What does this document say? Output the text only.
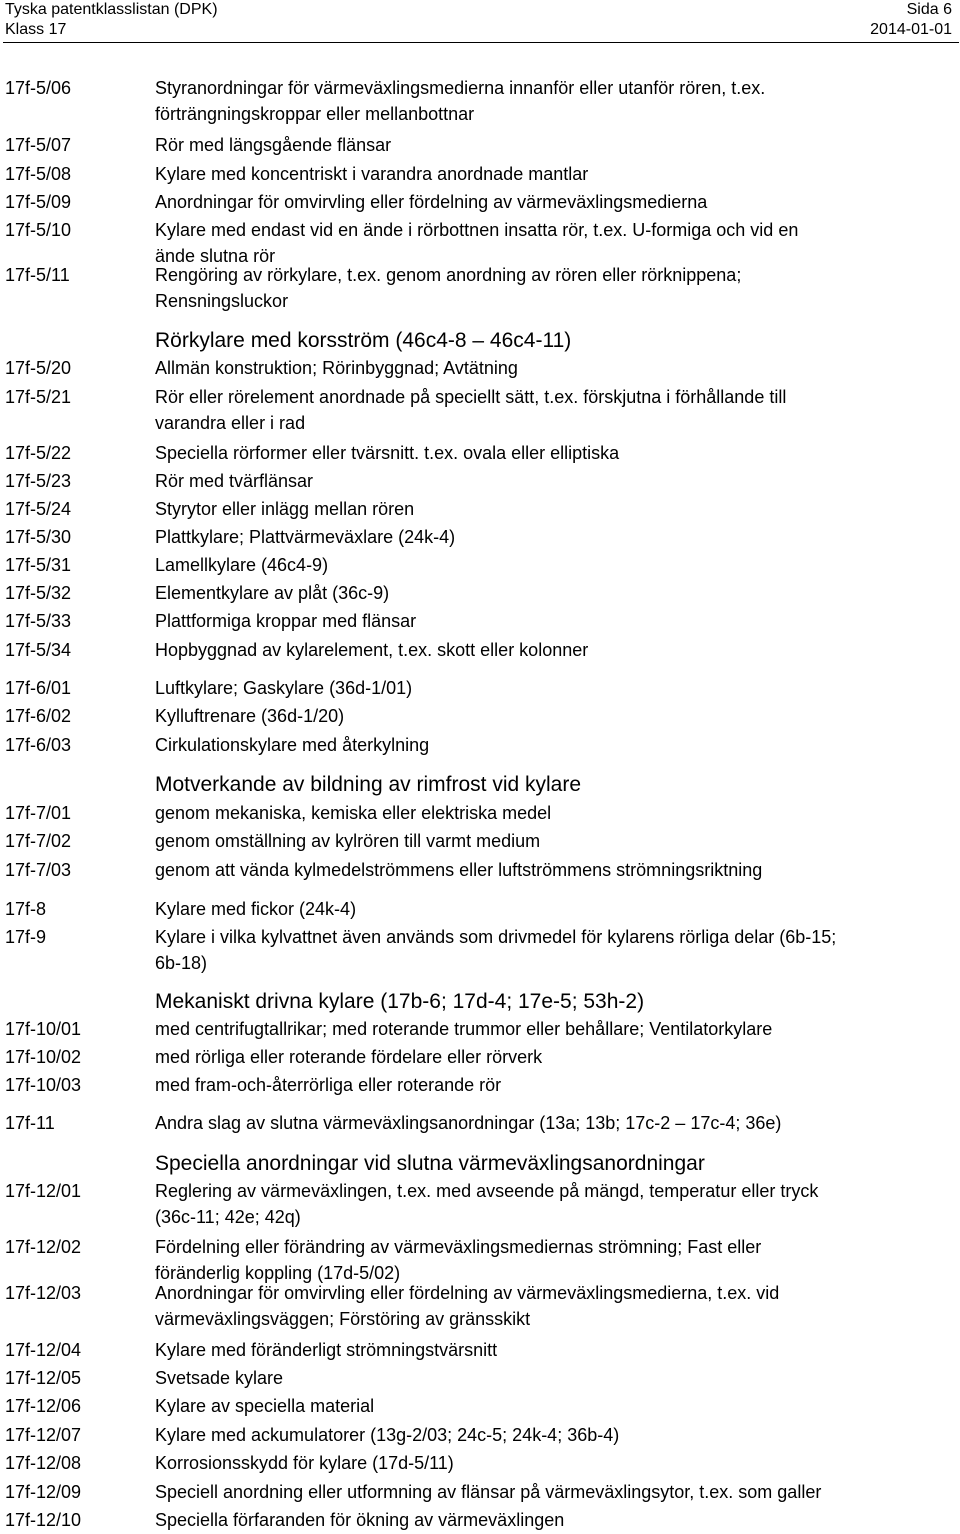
Tyska patentklasslistan (DPK)
Klass 17
Sida 6
2014-01-01
17f-5/06	Styranordningar för värmeväxlingsmedierna innanför eller utanför rören, t.ex.
förträngningskroppar eller mellanbottnar
17f-5/07	Rör med längsgående flänsar
17f-5/08	Kylare med koncentriskt i varandra anordnade mantlar
17f-5/09	Anordningar för omvirvling eller fördelning av värmeväxlingsmedierna
17f-5/10	Kylare med endast vid en ände i rörbottnen insatta rör, t.ex. U-formiga och vid en
ände slutna rör
17f-5/11	Rengöring av rörkylare, t.ex. genom anordning av rören eller rörknippena;
Rensningsluckor
Rörkylare med korsström (46c4-8 – 46c4-11)
17f-5/20	Allmän konstruktion; Rörinbyggnad; Avtätning
17f-5/21	Rör eller rörelement anordnade på speciellt sätt, t.ex. förskjutna i förhållande till
varandra eller i rad
17f-5/22	Speciella rörformer eller tvärsnitt. t.ex. ovala eller elliptiska
17f-5/23	Rör med tvärflänsar
17f-5/24	Styrytor eller inlägg mellan rören
17f-5/30	Plattkylare; Plattvärmeväxlare (24k-4)
17f-5/31	Lamellkylare (46c4-9)
17f-5/32	Elementkylare av plåt (36c-9)
17f-5/33	Plattformiga kroppar med flänsar
17f-5/34	Hopbyggnad av kylarelement, t.ex. skott eller kolonner
17f-6/01	Luftkylare; Gaskylare (36d-1/01)
17f-6/02	Kylluftrenare (36d-1/20)
17f-6/03	Cirkulationskylare med återkylning
Motverkande av bildning av rimfrost vid kylare
17f-7/01	genom mekaniska, kemiska eller elektriska medel
17f-7/02	genom omställning av kylrören till varmt medium
17f-7/03	genom att vända kylmedelströmmens eller luftströmmens strömningsriktning
17f-8	Kylare med fickor (24k-4)
17f-9	Kylare i vilka kylvattnet även används som drivmedel för kylarens rörliga delar (6b-15;
6b-18)
Mekaniskt drivna kylare (17b-6; 17d-4; 17e-5; 53h-2)
17f-10/01	med centrifugtallrikar; med roterande trummor eller behållare; Ventilatorkylare
17f-10/02	med rörliga eller roterande fördelare eller rörverk
17f-10/03	med fram-och-återrörliga eller roterande rör
17f-11	Andra slag av slutna värmeväxlingsanordningar (13a; 13b; 17c-2 – 17c-4; 36e)
Speciella anordningar vid slutna värmeväxlingsanordningar
17f-12/01	Reglering av värmeväxlingen, t.ex. med avseende på mängd, temperatur eller tryck
(36c-11; 42e; 42q)
17f-12/02	Fördelning eller förändring av värmeväxlingsmediernas strömning; Fast eller
föränderlig koppling (17d-5/02)
17f-12/03	Anordningar för omvirvling eller fördelning av värmeväxlingsmedierna, t.ex. vid
värmeväxlingsväggen; Förstöring av gränsskikt
17f-12/04	Kylare med föränderligt strömningstvärsnitt
17f-12/05	Svetsade kylare
17f-12/06	Kylare av speciella material
17f-12/07	Kylare med ackumulatorer (13g-2/03; 24c-5; 24k-4; 36b-4)
17f-12/08	Korrosionsskydd för kylare (17d-5/11)
17f-12/09	Speciell anordning eller utformning av flänsar på värmeväxlingsytor, t.ex. som galler
17f-12/10	Speciella förfaranden för ökning av värmeväxlingen
